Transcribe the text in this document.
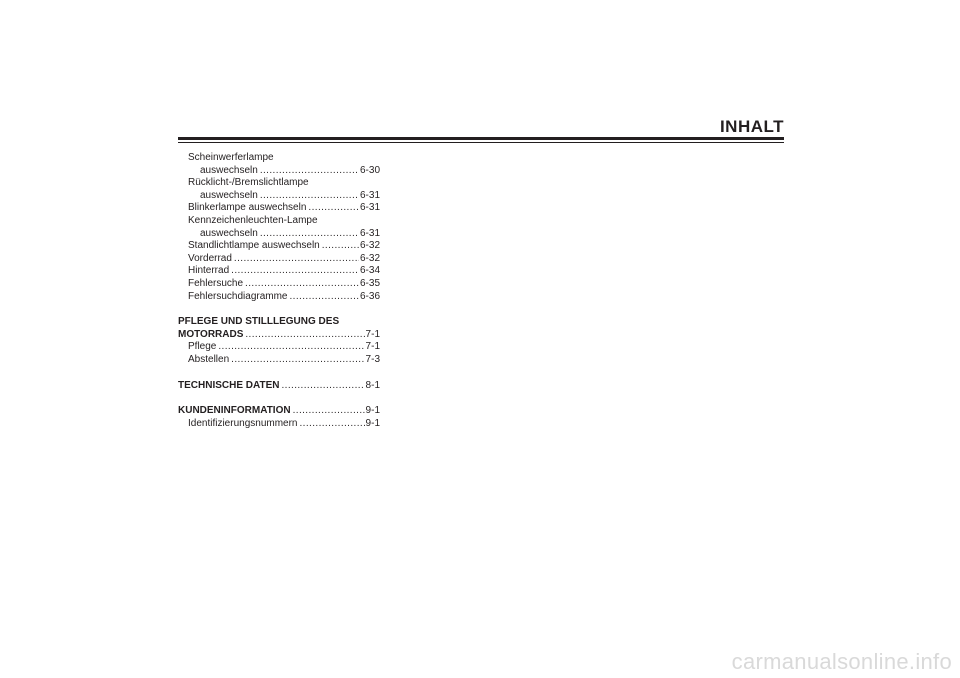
INHALT
Scheinwerferlampe
auswechseln .....	6-30
Rücklicht-/Bremslichtlampe
auswechseln .....	6-31
Blinkerlampe auswechseln .....	6-31
Kennzeichenleuchten-Lampe
auswechseln .....	6-31
Standlichtlampe auswechseln .....	6-32
Vorderrad .....	6-32
Hinterrad .....	6-34
Fehlersuche .....	6-35
Fehlersuchdiagramme .....	6-36
PFLEGE UND STILLLEGUNG DES
MOTORRADS .....	7-1
Pflege .....	7-1
Abstellen .....	7-3
TECHNISCHE DATEN .....	8-1
KUNDENINFORMATION .....	9-1
Identifizierungsnummern .....	9-1
carmanualsonline.info
